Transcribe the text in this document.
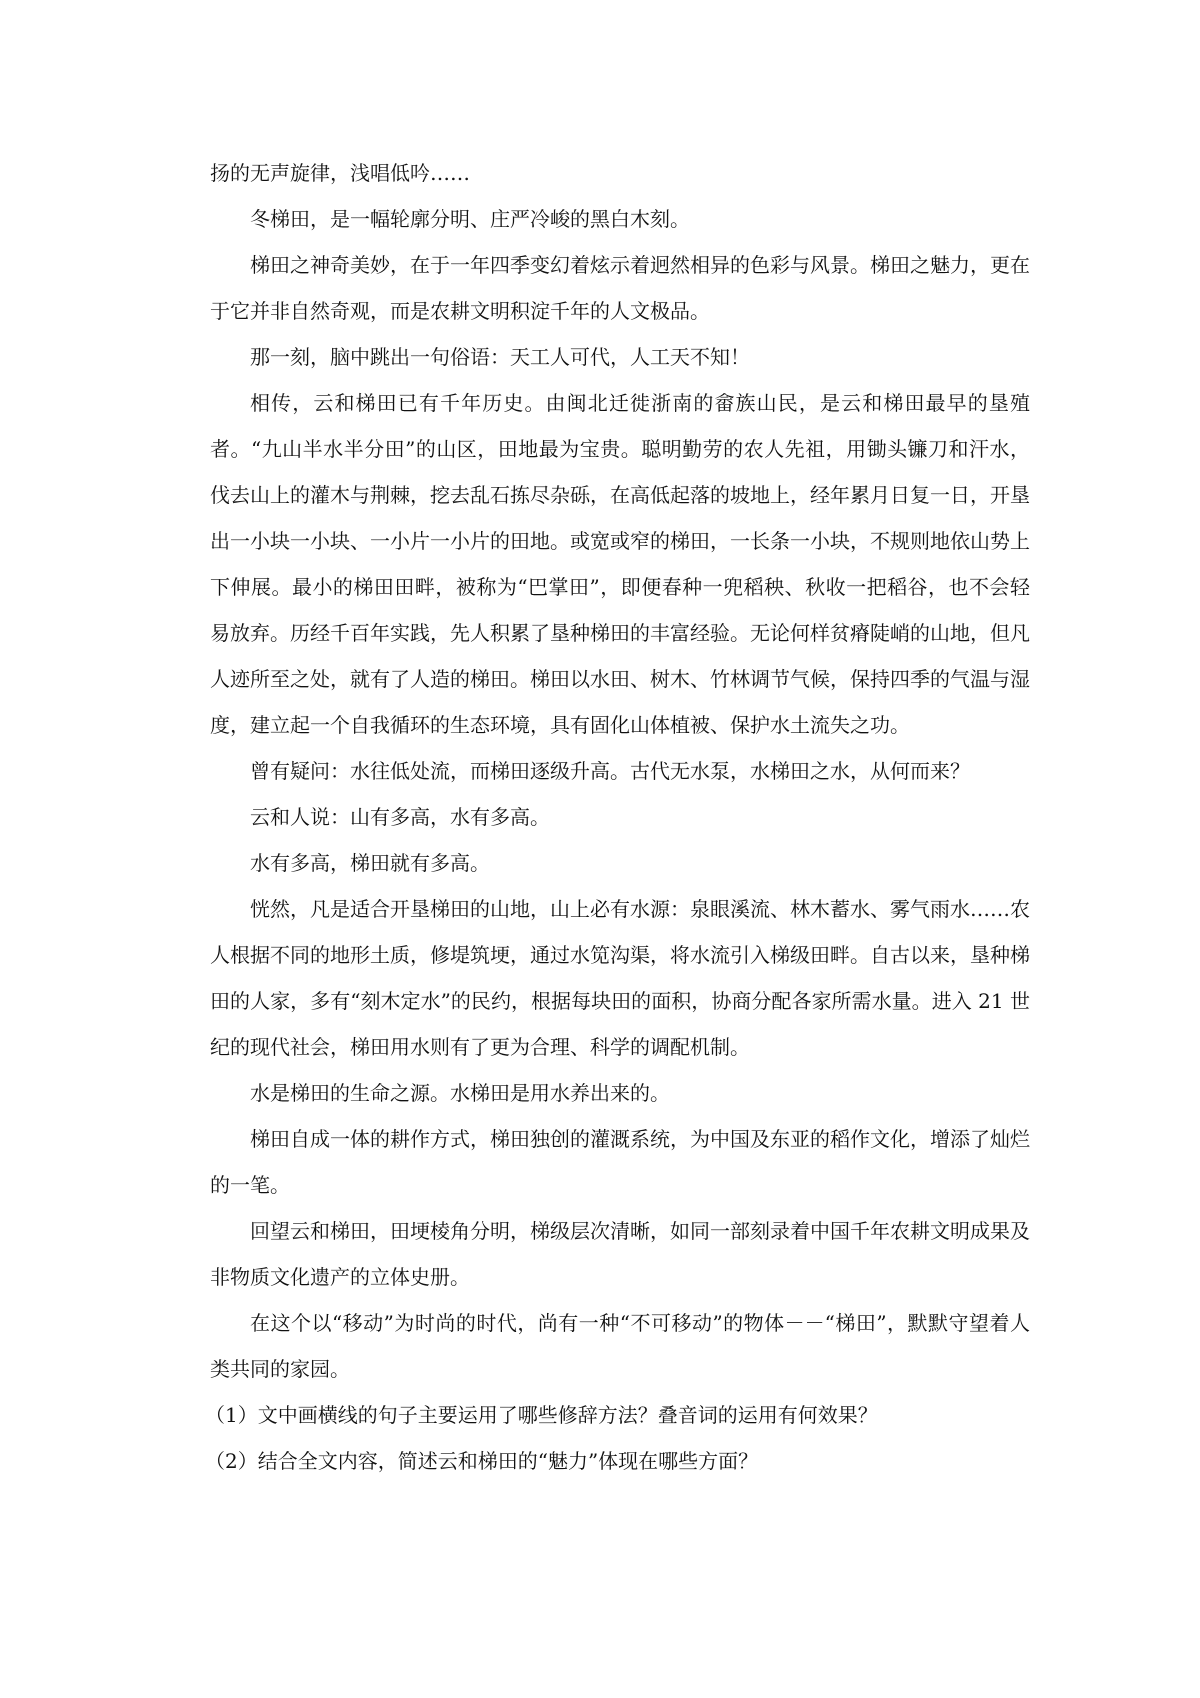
扬的无声旋律，浅唱低吟……

冬梯田，是一幅轮廓分明、庄严冷峻的黑白木刻。

梯田之神奇美妙，在于一年四季变幻着炫示着迥然相异的色彩与风景。梯田之魅力，更在于它并非自然奇观，而是农耕文明积淀千年的人文极品。

那一刻，脑中跳出一句俗语：天工人可代，人工天不知！

相传，云和梯田已有千年历史。由闽北迁徙浙南的畲族山民，是云和梯田最早的垦殖者。“九山半水半分田”的山区，田地最为宝贵。聪明勤劳的农人先祖，用锄头镰刀和汗水，伐去山上的灌木与荆棘，挖去乱石拣尽杂砾，在高低起落的坡地上，经年累月日复一日，开垦出一小块一小块、一小片一小片的田地。或宽或窄的梯田，一长条一小块，不规则地依山势上下伸展。最小的梯田田畔，被称为“巴掌田”，即便春种一兜稻秧、秋收一把稻谷，也不会轻易放弃。历经千百年实践，先人积累了垦种梯田的丰富经验。无论何样贫瘠陡峭的山地，但凡人迹所至之处，就有了人造的梯田。梯田以水田、树木、竹林调节气候，保持四季的气温与湿度，建立起一个自我循环的生态环境，具有固化山体植被、保护水土流失之功。

曾有疑问：水往低处流，而梯田逐级升高。古代无水泵，水梯田之水，从何而来？

云和人说：山有多高，水有多高。

水有多高，梯田就有多高。

恍然，凡是适合开垦梯田的山地，山上必有水源：泉眼溪流、林木蓄水、雾气雨水……农人根据不同的地形土质，修堤筑埂，通过水笕沟渠，将水流引入梯级田畔。自古以来，垦种梯田的人家，多有“刻木定水”的民约，根据每块田的面积，协商分配各家所需水量。进入 21 世纪的现代社会，梯田用水则有了更为合理、科学的调配机制。

水是梯田的生命之源。水梯田是用水养出来的。

梯田自成一体的耕作方式，梯田独创的灌溉系统，为中国及东亚的稻作文化，增添了灿烂的一笔。

回望云和梯田，田埂棱角分明，梯级层次清晰，如同一部刻录着中国千年农耕文明成果及非物质文化遗产的立体史册。

在这个以“移动”为时尚的时代，尚有一种“不可移动”的物体－－“梯田”，默默守望着人类共同的家园。

（1）文中画横线的句子主要运用了哪些修辞方法？叠音词的运用有何效果？

（2）结合全文内容，简述云和梯田的“魅力”体现在哪些方面？
